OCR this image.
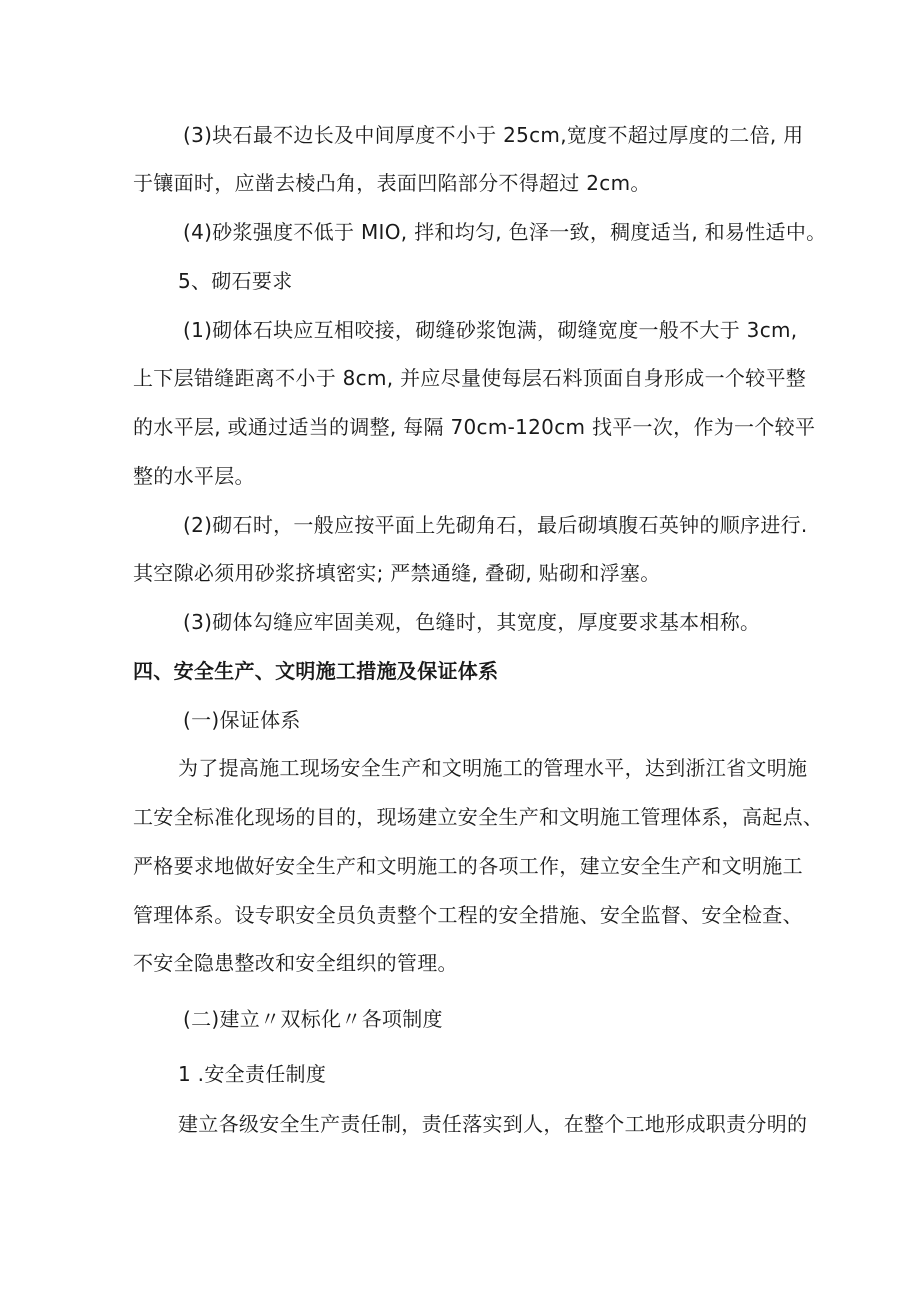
(3)块石最不边长及中间厚度不小于 25cm,宽度不超过厚度的二倍, 用
于镶面时，应凿去棱凸角，表面凹陷部分不得超过 2cm。
(4)砂浆强度不低于 MIO, 拌和均匀, 色泽一致，稠度适当, 和易性适中。
5、砌石要求
(1)砌体石块应互相咬接，砌缝砂浆饱满，砌缝宽度一般不大于 3cm,
上下层错缝距离不小于 8cm, 并应尽量使每层石料顶面自身形成一个较平整
的水平层, 或通过适当的调整, 每隔 70cm-120cm 找平一次，作为一个较平
整的水平层。
(2)砌石时，一般应按平面上先砌角石，最后砌填腹石英钟的顺序进行.
其空隙必须用砂浆挤填密实; 严禁通缝, 叠砌, 贴砌和浮塞。
(3)砌体勾缝应牢固美观，色缝时，其宽度，厚度要求基本相称。
四、安全生产、文明施工措施及保证体系
(一)保证体系
为了提高施工现场安全生产和文明施工的管理水平，达到浙江省文明施
工安全标准化现场的目的，现场建立安全生产和文明施工管理体系，高起点、
严格要求地做好安全生产和文明施工的各项工作，建立安全生产和文明施工
管理体系。设专职安全员负责整个工程的安全措施、安全监督、安全检查、
不安全隐患整改和安全组织的管理。
(二)建立〃双标化〃各项制度
1 .安全责任制度
建立各级安全生产责任制，责任落实到人，在整个工地形成职责分明的
